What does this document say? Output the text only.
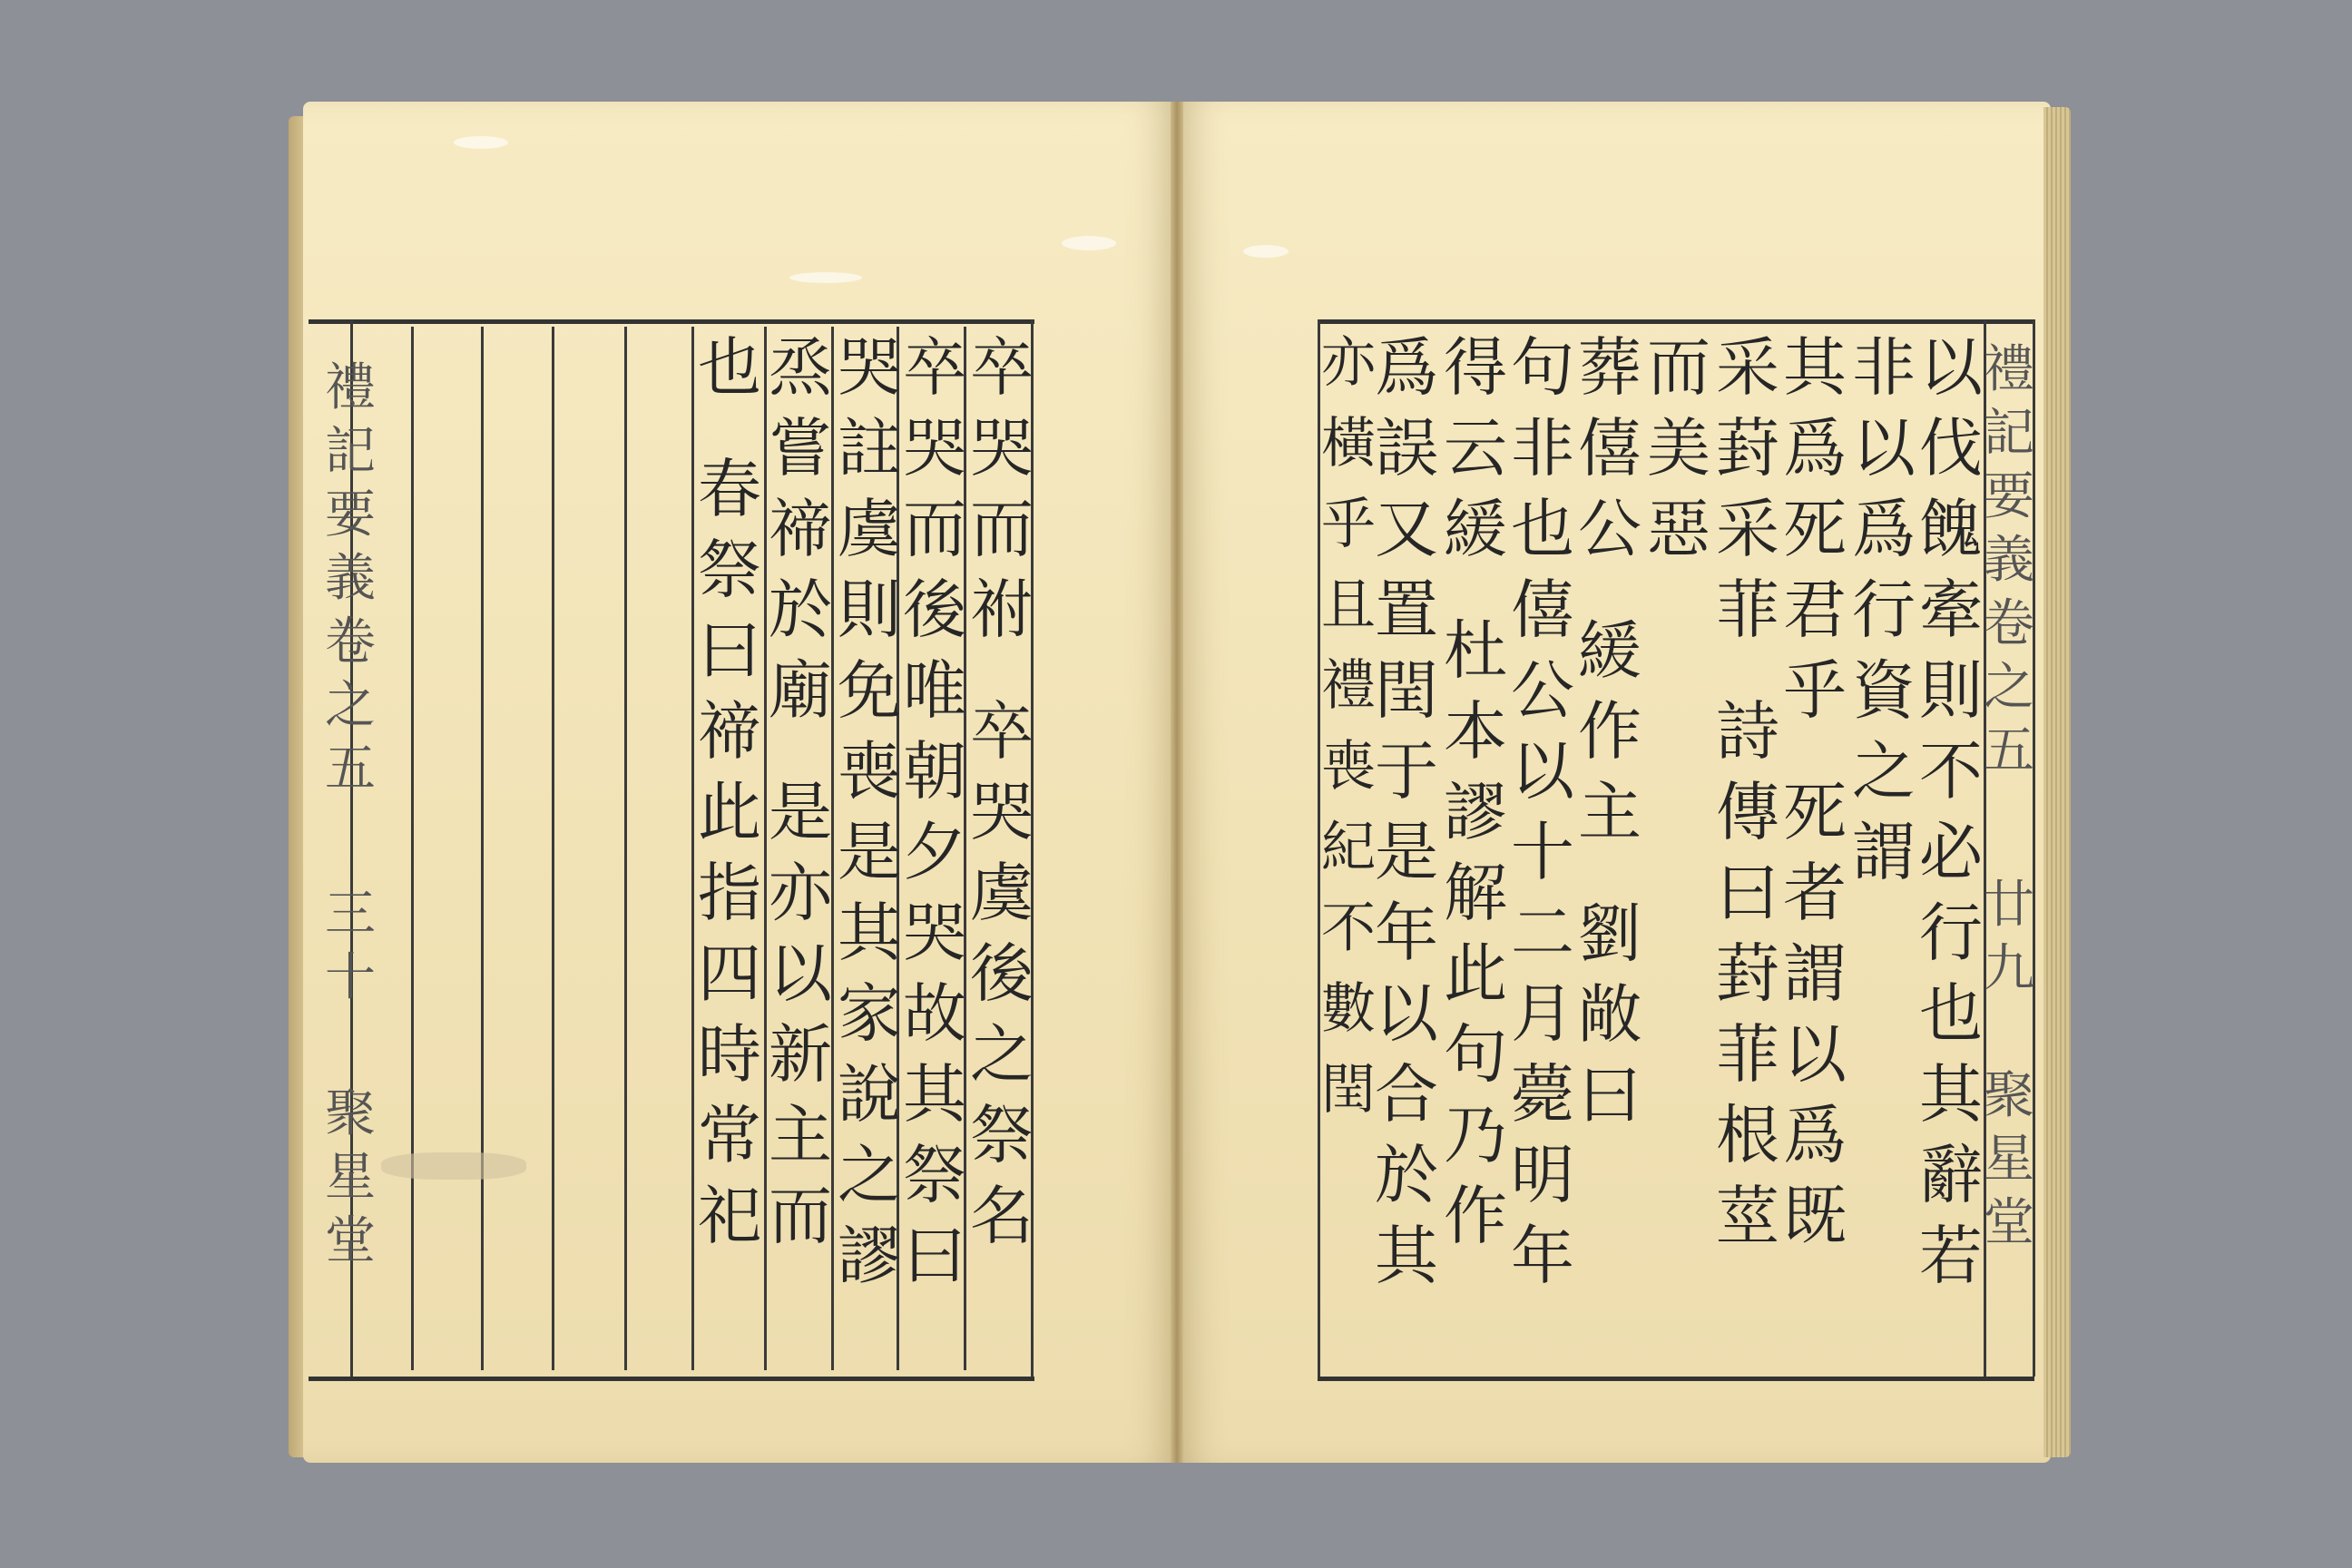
禮
記
要
義
卷
之
五
三
十
聚
星
堂
卒
哭
而
祔
卒
哭
虞
後
之
祭
名
卒
哭
而
後
唯
朝
夕
哭
故
其
祭
曰
哭
註
虞
則
免
喪
是
其
家
說
之
謬
烝
嘗
禘
於
廟
是
亦
以
新
主
而
也
春
祭
曰
禘
此
指
四
時
常
祀
禮
記
要
義
卷
之
五
廿
九
聚
星
堂
以
伐
餽
牽
則
不
必
行
也
其
辭
若
非
以
爲
行
資
之
謂
其
爲
死
君
乎
死
者
謂
以
爲
既
采
葑
采
菲
詩
傳
曰
葑
菲
根
莖
而
美
惡
葬
僖
公
緩
作
主
劉
敞
曰
句
非
也
僖
公
以
十
二
月
薨
明
年
得
云
緩
杜
本
謬
解
此
句
乃
作
爲
誤
又
置
閏
于
是
年
以
合
於
其
亦
橫
乎
且
禮
喪
紀
不
數
閏
